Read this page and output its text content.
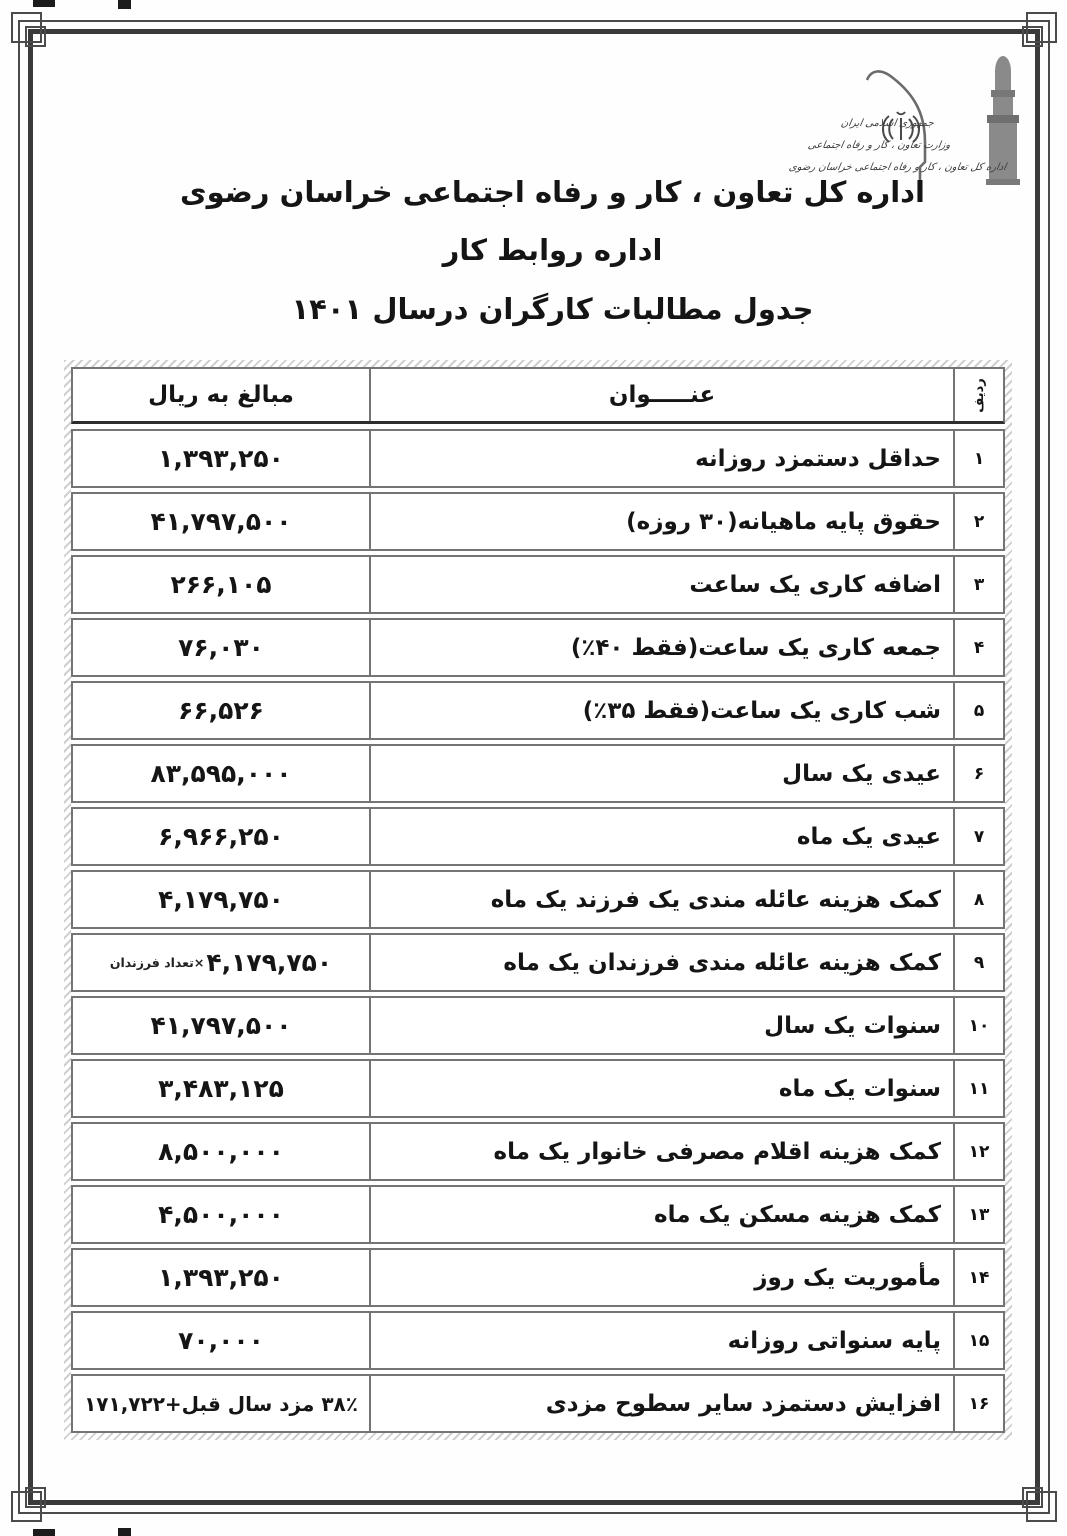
جمهوری اسلامی ایران
وزارت تعاون ، کار و رفاه اجتماعی
اداره کل تعاون ، کار و رفاه اجتماعی خراسان رضوی
اداره کل تعاون ، کار و رفاه اجتماعی خراسان رضوی
اداره روابط کار
جدول مطالبات کارگران درسال ۱۴۰۱
ردیف
عنـــــوان
مبالغ به ریال
۱
حداقل دستمزد روزانه
۱,۳۹۳,۲۵۰
۲
حقوق پایه ماهیانه(۳۰ روزه)
۴۱,۷۹۷,۵۰۰
۳
اضافه کاری یک ساعت
۲۶۶,۱۰۵
۴
جمعه کاری یک ساعت(فقط ۴۰٪)
۷۶,۰۳۰
۵
شب کاری یک ساعت(فقط ۳۵٪)
۶۶,۵۲۶
۶
عیدی یک سال
۸۳,۵۹۵,۰۰۰
۷
عیدی یک ماه
۶,۹۶۶,۲۵۰
۸
کمک هزینه عائله مندی یک فرزند یک ماه
۴,۱۷۹,۷۵۰
۹
کمک هزینه عائله مندی فرزندان یک ماه
۴,۱۷۹,۷۵۰
×تعداد فرزندان
۱۰
سنوات یک سال
۴۱,۷۹۷,۵۰۰
۱۱
سنوات یک ماه
۳,۴۸۳,۱۲۵
۱۲
کمک هزینه اقلام مصرفی خانوار یک ماه
۸,۵۰۰,۰۰۰
۱۳
کمک هزینه مسکن یک ماه
۴,۵۰۰,۰۰۰
۱۴
مأموریت یک روز
۱,۳۹۳,۲۵۰
۱۵
پایه سنواتی روزانه
۷۰,۰۰۰
۱۶
افزایش دستمزد سایر سطوح مزدی
۳۸٪ مزد سال قبل+۱۷۱,۷۲۲
